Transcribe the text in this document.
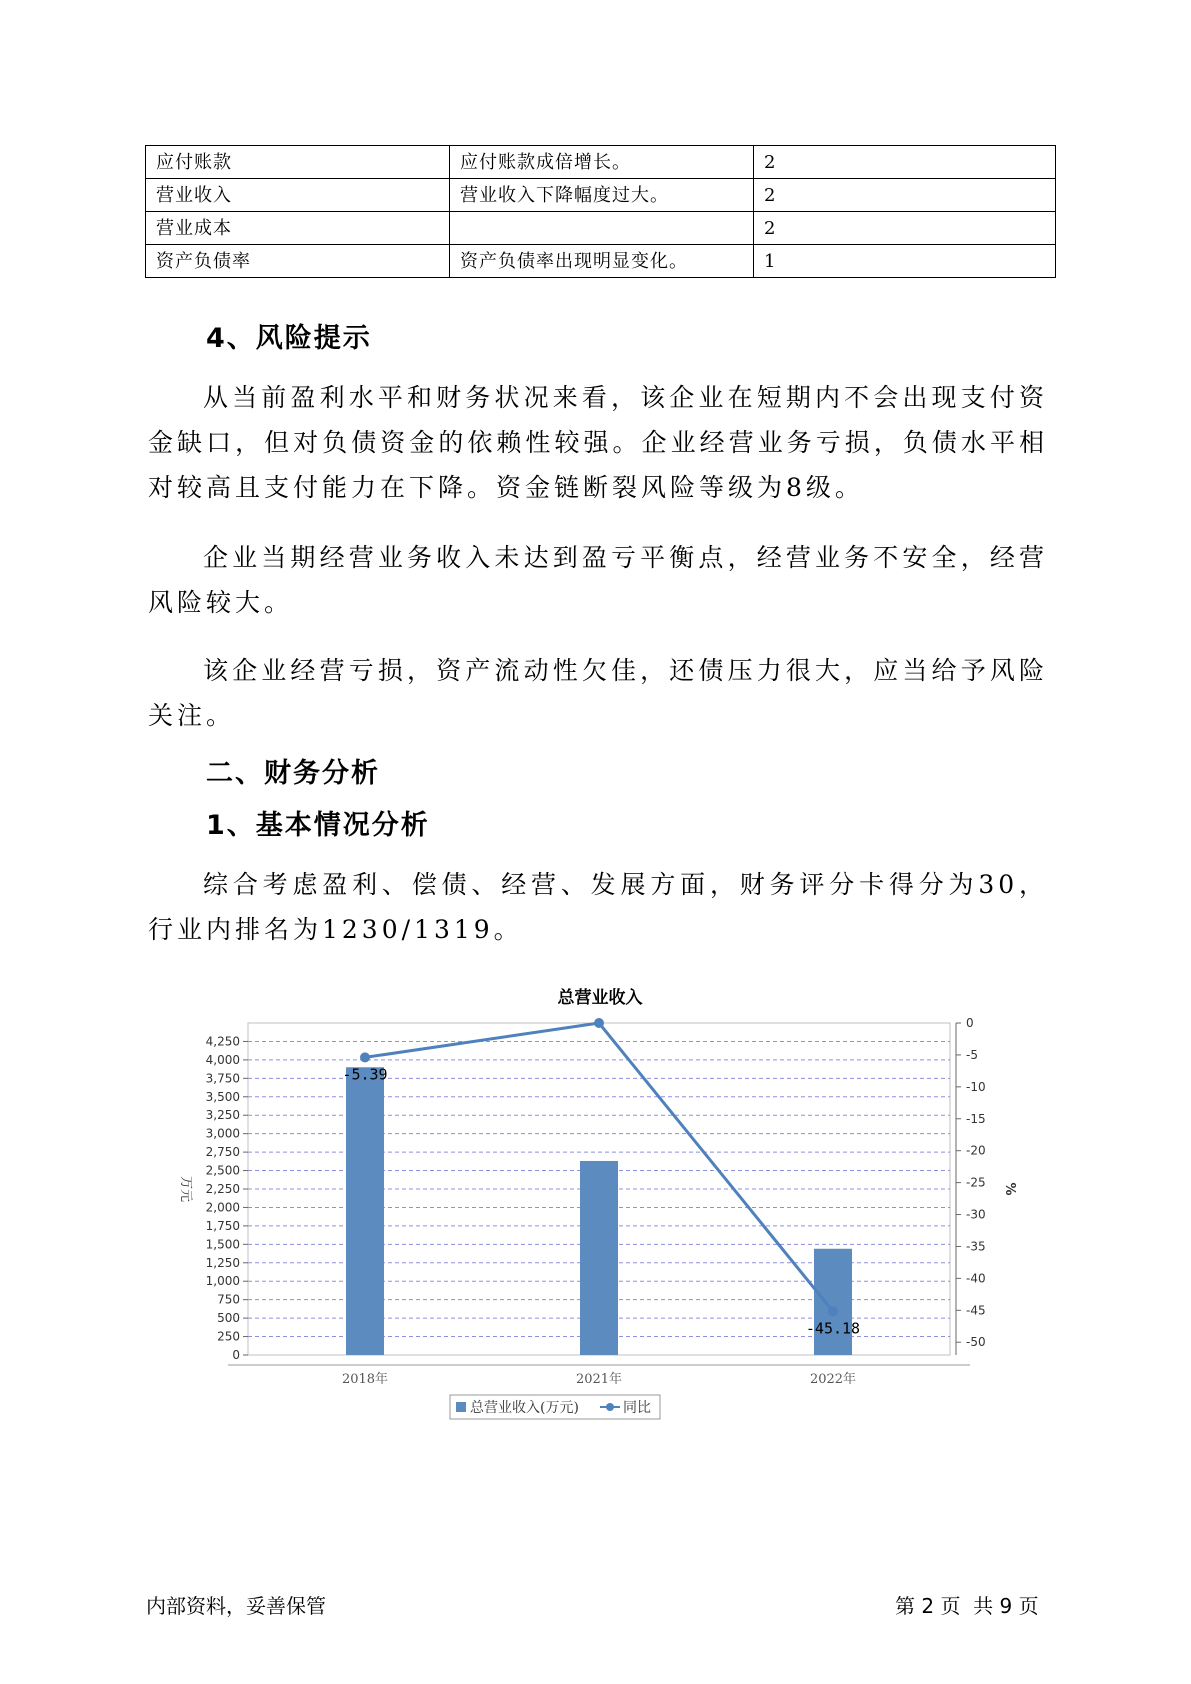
应付账款	应付账款成倍增长。	2
营业收入	营业收入下降幅度过大。	2
营业成本		2
资产负债率	资产负债率出现明显变化。	1
4、风险提示
从当前盈利水平和财务状况来看，该企业在短期内不会出现支付资金缺口，但对负债资金的依赖性较强。企业经营业务亏损，负债水平相对较高且支付能力在下降。资金链断裂风险等级为8级。
企业当期经营业务收入未达到盈亏平衡点，经营业务不安全，经营风险较大。
该企业经营亏损，资产流动性欠佳，还债压力很大，应当给予风险关注。
二、财务分析
1、基本情况分析
综合考虑盈利、偿债、经营、发展方面，财务评分卡得分为30，行业内排名为1230/1319。
总营业收入
0
250
500
750
1,000
1,250
1,500
1,750
2,000
2,250
2,500
2,750
3,000
3,250
3,500
3,750
4,000
4,250
0
-5
-10
-15
-20
-25
-30
-35
-40
-45
-50
万元	%
2018年	2021年	2022年
-5.39
-45.18
总营业收入(万元)	同比
内部资料，妥善保管	第 2 页  共 9 页
